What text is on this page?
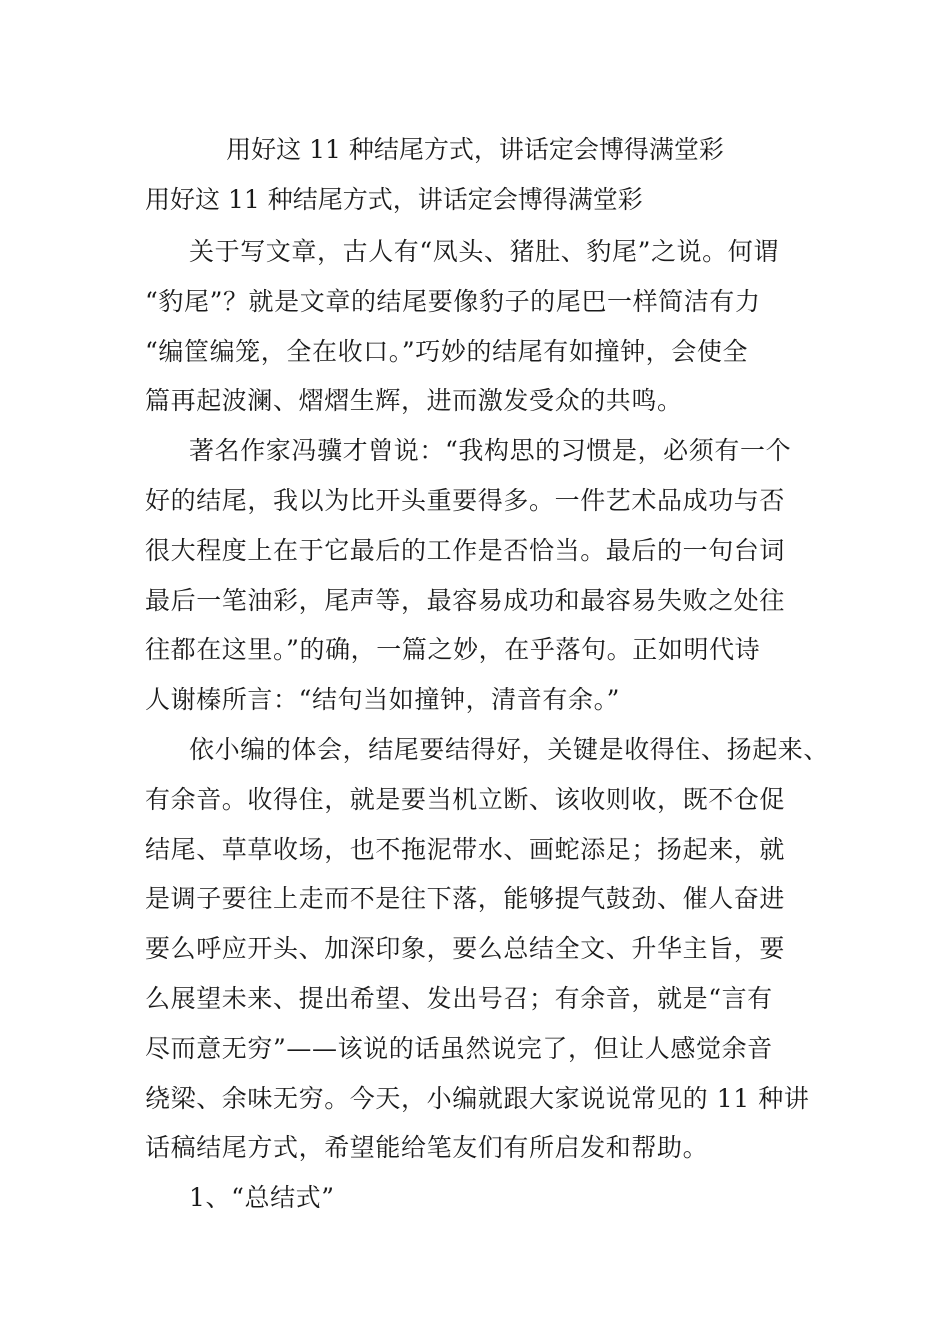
用好这 11 种结尾方式，讲话定会博得满堂彩
用好这 11 种结尾方式，讲话定会博得满堂彩
关于写文章，古人有“凤头、猪肚、豹尾”之说。何谓
“豹尾”？就是文章的结尾要像豹子的尾巴一样简洁有力
“编筐编笼，全在收口。”巧妙的结尾有如撞钟，会使全
篇再起波澜、熠熠生辉，进而激发受众的共鸣。
著名作家冯骥才曾说：“我构思的习惯是，必须有一个
好的结尾，我以为比开头重要得多。一件艺术品成功与否
很大程度上在于它最后的工作是否恰当。最后的一句台词
最后一笔油彩，尾声等，最容易成功和最容易失败之处往
往都在这里。”的确，一篇之妙，在乎落句。正如明代诗
人谢榛所言：“结句当如撞钟，清音有余。”
依小编的体会，结尾要结得好，关键是收得住、扬起来、
有余音。收得住，就是要当机立断、该收则收，既不仓促
结尾、草草收场，也不拖泥带水、画蛇添足；扬起来，就
是调子要往上走而不是往下落，能够提气鼓劲、催人奋进
要么呼应开头、加深印象，要么总结全文、升华主旨，要
么展望未来、提出希望、发出号召；有余音，就是“言有
尽而意无穷”——该说的话虽然说完了，但让人感觉余音
绕梁、余味无穷。今天，小编就跟大家说说常见的 11 种讲
话稿结尾方式，希望能给笔友们有所启发和帮助。
1、“总结式”
